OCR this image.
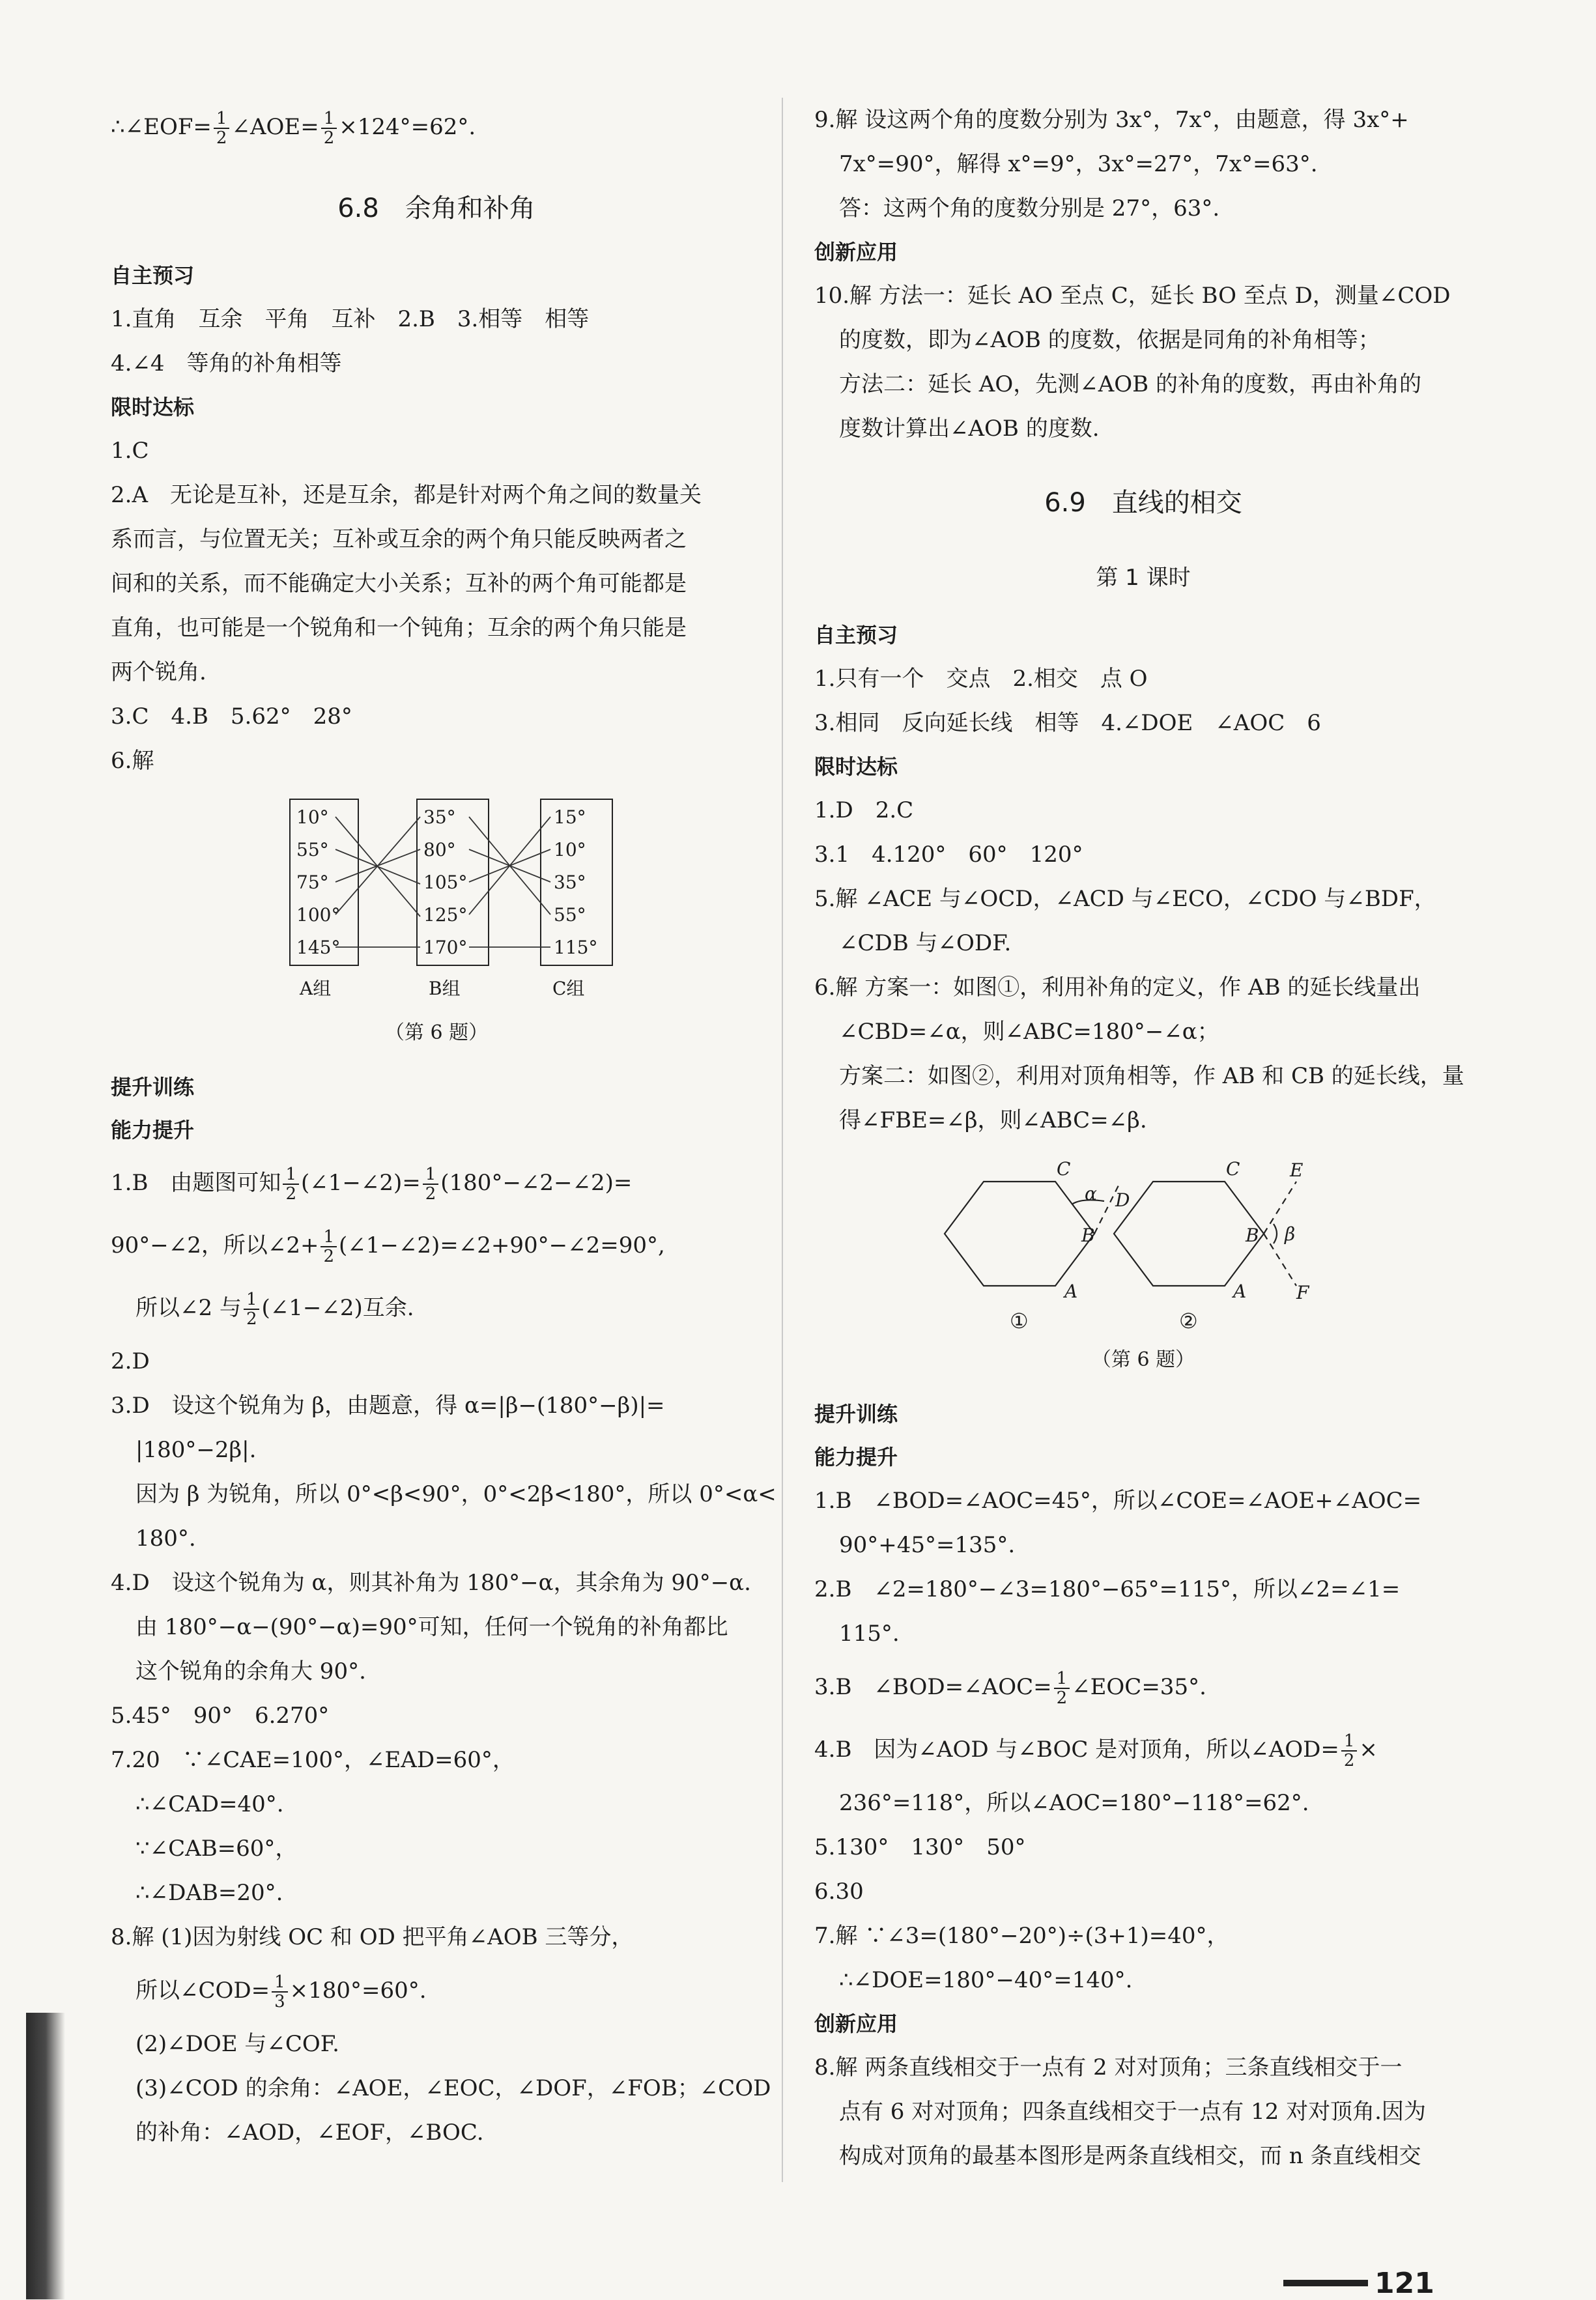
∴∠EOF= $\frac{1}{2}$ ∠AOE= $\frac{1}{2} \times 124^\circ=62^\circ$.
6.8　余角和补角
自主预习
1.直角　互余　平角　互补　2.B　3.相等　相等
4.∠4　等角的补角相等
限时达标
1.C
2.A　无论是互补，还是互余，都是针对两个角之间的数量关
系而言，与位置无关；互补或互余的两个角只能反映两者之
间和的关系，而不能确定大小关系；互补的两个角可能都是
直角，也可能是一个锐角和一个钝角；互余的两个角只能是
两个锐角.
3.C　4.B　5.62°　28°
6.解
10°
55°
75°
100°
145°
35°
80°
105°
125°
170°
15°
10°
35°
55°
115°
A组	B组	C组
（第 6 题）
提升训练
能力提升
1.B　由题图可知 $\frac{1}{2}$ (∠1−∠2)= $\frac{1}{2}$ (180°−∠2−∠2)=
90°−∠2，所以∠2+ $\frac{1}{2}$ (∠1−∠2)=∠2+90°−∠2=90°,
所以∠2 与 $\frac{1}{2}$ (∠1−∠2)互余.
2.D
3.D　设这个锐角为 β，由题意，得 α=|β−(180°−β)|=
|180°−2β|.
因为 β 为锐角，所以 0°<β<90°，0°<2β<180°，所以 0°<α<
180°.
4.D　设这个锐角为 α，则其补角为 180°−α，其余角为 90°−α.
由 180°−α−(90°−α)=90°可知，任何一个锐角的补角都比
这个锐角的余角大 90°.
5.45°　90°　6.270°
7.20　∵∠CAE=100°，∠EAD=60°，
∴∠CAD=40°.
∵∠CAB=60°，
∴∠DAB=20°.
8.解 (1)因为射线 OC 和 OD 把平角∠AOB 三等分，
所以∠COD= $\frac{1}{3} \times 180^\circ=60^\circ$.
(2)∠DOE 与∠COF.
(3)∠COD 的余角：∠AOE，∠EOC，∠DOF，∠FOB；∠COD
的补角：∠AOD，∠EOF，∠BOC.
9.解 设这两个角的度数分别为 3x°，7x°，由题意，得 3x°+
7x°=90°，解得 x°=9°，3x°=27°，7x°=63°.
答：这两个角的度数分别是 27°，63°.
创新应用
10.解 方法一：延长 AO 至点 C，延长 BO 至点 D，测量∠COD
的度数，即为∠AOB 的度数，依据是同角的补角相等；
方法二：延长 AO，先测∠AOB 的补角的度数，再由补角的
度数计算出∠AOB 的度数.
6.9　直线的相交
第 1 课时
自主预习
1.只有一个　交点　2.相交　点 O
3.相同　反向延长线　相等　4.∠DOE　∠AOC　6
限时达标
1.D　2.C
3.1　4.120°　60°　120°
5.解 ∠ACE 与∠OCD，∠ACD 与∠ECO，∠CDO 与∠BDF，
∠CDB 与∠ODF.
6.解 方案一：如图①，利用补角的定义，作 AB 的延长线量出
∠CBD=∠α，则∠ABC=180°−∠α；
方案二：如图②，利用对顶角相等，作 AB 和 CB 的延长线，量
得∠FBE=∠β，则∠ABC=∠β.
C
D
B
A
α
C	E
B β
A	F
①	②
（第 6 题）
提升训练
能力提升
1.B　∠BOD=∠AOC=45°，所以∠COE=∠AOE+∠AOC=
90°+45°=135°.
2.B　∠2=180°−∠3=180°−65°=115°，所以∠2=∠1=
115°.
3.B　∠BOD=∠AOC= $\frac{1}{2}$ ∠EOC=35°.
4.B　因为∠AOD 与∠BOC 是对顶角，所以∠AOD= $\frac{1}{2}$ ×
236°=118°，所以∠AOC=180°−118°=62°.
5.130°　130°　50°
6.30
7.解 ∵∠3=(180°−20°)÷(3+1)=40°，
∴∠DOE=180°−40°=140°.
创新应用
8.解 两条直线相交于一点有 2 对对顶角；三条直线相交于一
点有 6 对对顶角；四条直线相交于一点有 12 对对顶角.因为
构成对顶角的最基本图形是两条直线相交，而 n 条直线相交
121
